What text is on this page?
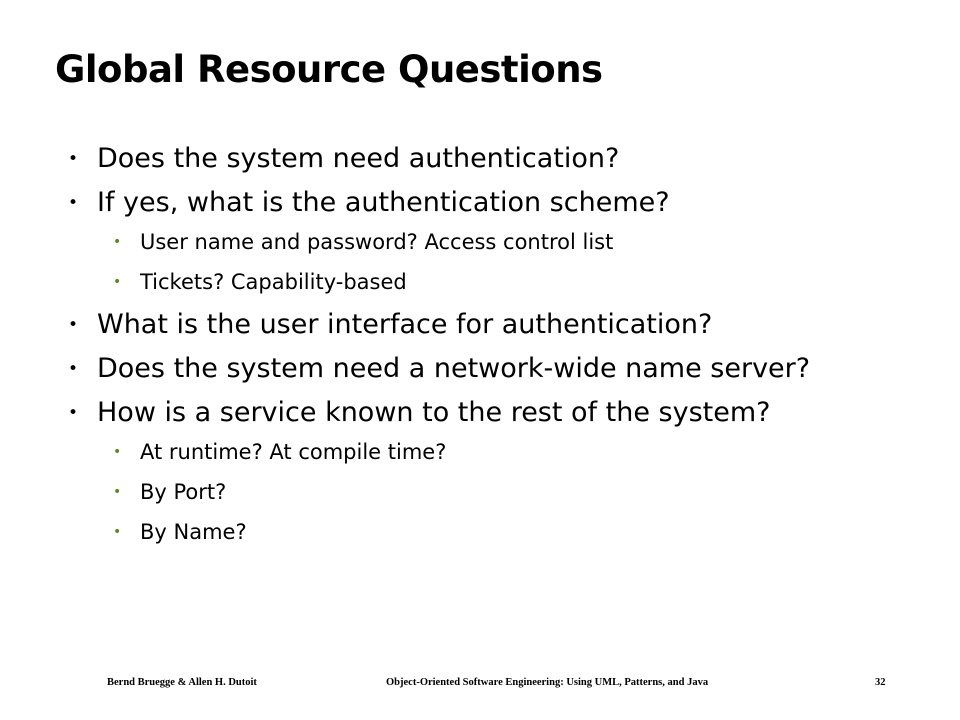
Global Resource Questions
• Does the system need authentication?
• If yes, what is the authentication scheme?
• User name and password? Access control list
• Tickets? Capability-based
• What is the user interface for authentication?
• Does the system need a network-wide name server?
• How is a service known to the rest of the system?
• At runtime? At compile time?
• By Port?
• By Name?
Bernd Bruegge & Allen H. Dutoit	Object-Oriented Software Engineering: Using UML, Patterns, and Java	32
